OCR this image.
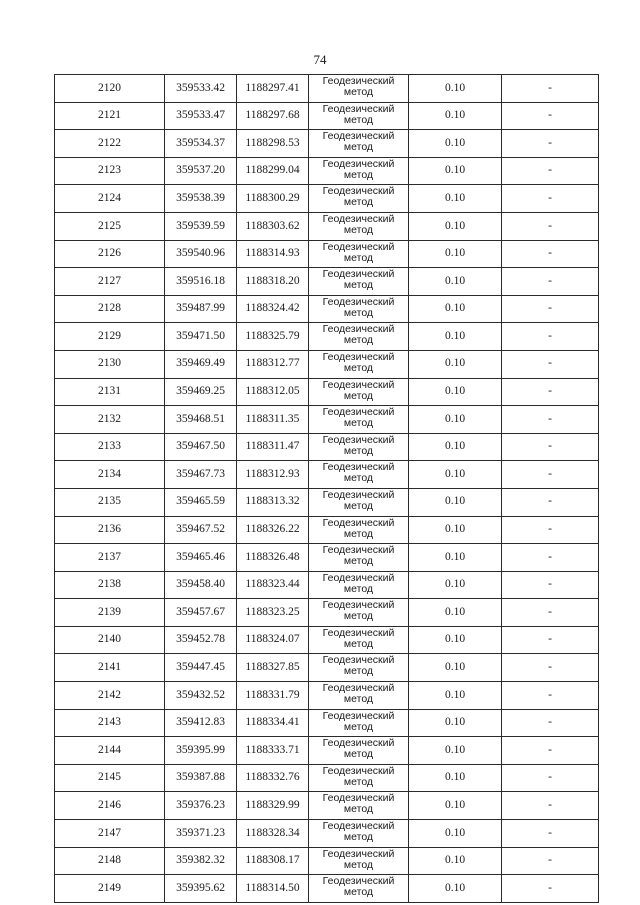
74
2120	359533.42	1188297.41	Геодезический метод	0.10	-
2121	359533.47	1188297.68	Геодезический метод	0.10	-
2122	359534.37	1188298.53	Геодезический метод	0.10	-
2123	359537.20	1188299.04	Геодезический метод	0.10	-
2124	359538.39	1188300.29	Геодезический метод	0.10	-
2125	359539.59	1188303.62	Геодезический метод	0.10	-
2126	359540.96	1188314.93	Геодезический метод	0.10	-
2127	359516.18	1188318.20	Геодезический метод	0.10	-
2128	359487.99	1188324.42	Геодезический метод	0.10	-
2129	359471.50	1188325.79	Геодезический метод	0.10	-
2130	359469.49	1188312.77	Геодезический метод	0.10	-
2131	359469.25	1188312.05	Геодезический метод	0.10	-
2132	359468.51	1188311.35	Геодезический метод	0.10	-
2133	359467.50	1188311.47	Геодезический метод	0.10	-
2134	359467.73	1188312.93	Геодезический метод	0.10	-
2135	359465.59	1188313.32	Геодезический метод	0.10	-
2136	359467.52	1188326.22	Геодезический метод	0.10	-
2137	359465.46	1188326.48	Геодезический метод	0.10	-
2138	359458.40	1188323.44	Геодезический метод	0.10	-
2139	359457.67	1188323.25	Геодезический метод	0.10	-
2140	359452.78	1188324.07	Геодезический метод	0.10	-
2141	359447.45	1188327.85	Геодезический метод	0.10	-
2142	359432.52	1188331.79	Геодезический метод	0.10	-
2143	359412.83	1188334.41	Геодезический метод	0.10	-
2144	359395.99	1188333.71	Геодезический метод	0.10	-
2145	359387.88	1188332.76	Геодезический метод	0.10	-
2146	359376.23	1188329.99	Геодезический метод	0.10	-
2147	359371.23	1188328.34	Геодезический метод	0.10	-
2148	359382.32	1188308.17	Геодезический метод	0.10	-
2149	359395.62	1188314.50	Геодезический метод	0.10	-
